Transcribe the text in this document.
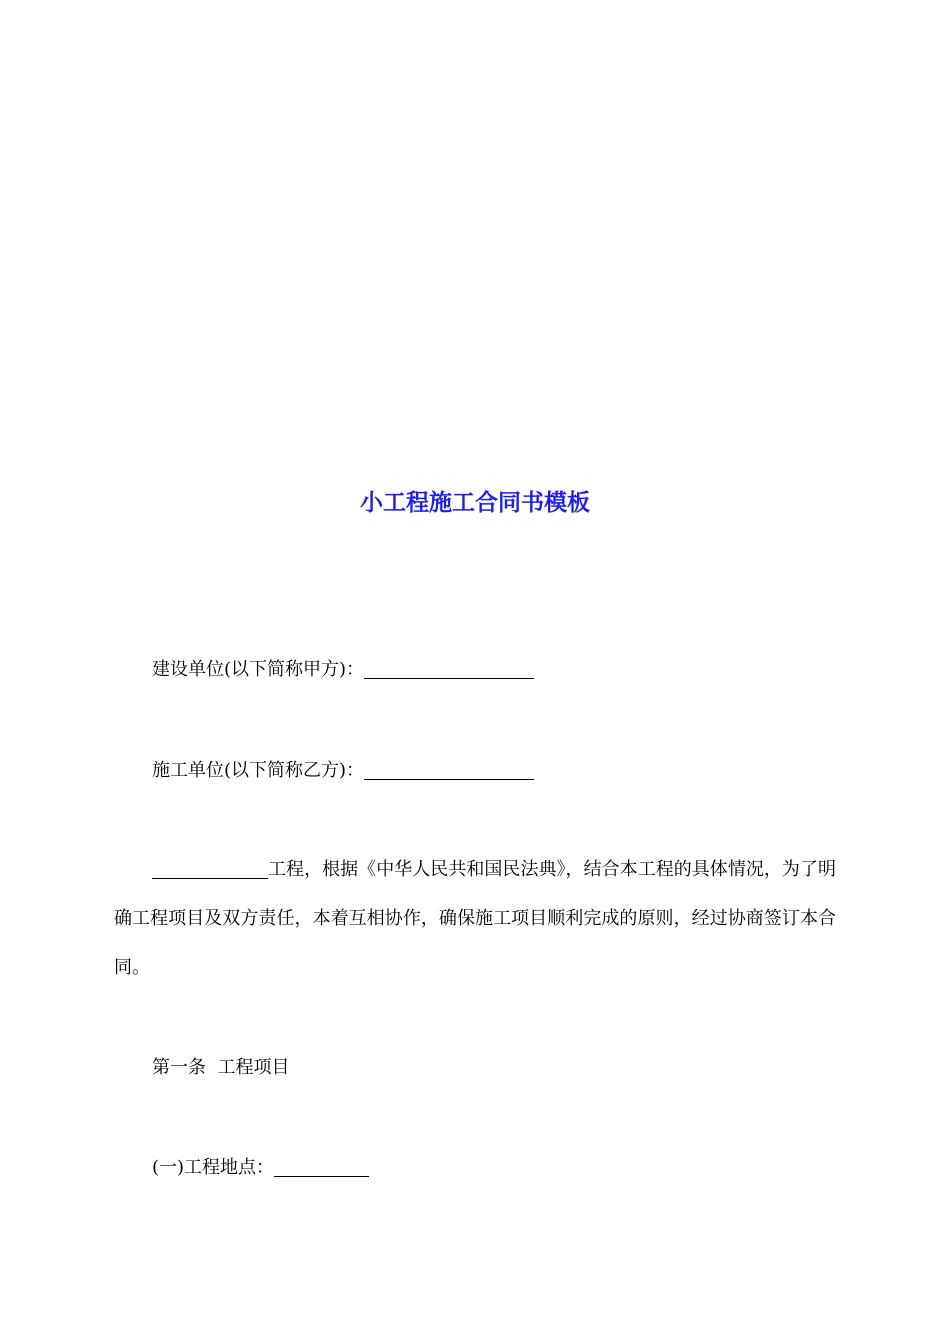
小工程施工合同书模板

建设单位(以下简称甲方)：

施工单位(以下简称乙方)：

工程，根据《中华人民共和国民法典》，结合本工程的具体情况，为了明确工程项目及双方责任，本着互相协作，确保施工项目顺利完成的原则，经过协商签订本合同。

第一条  工程项目

(一)工程地点：
